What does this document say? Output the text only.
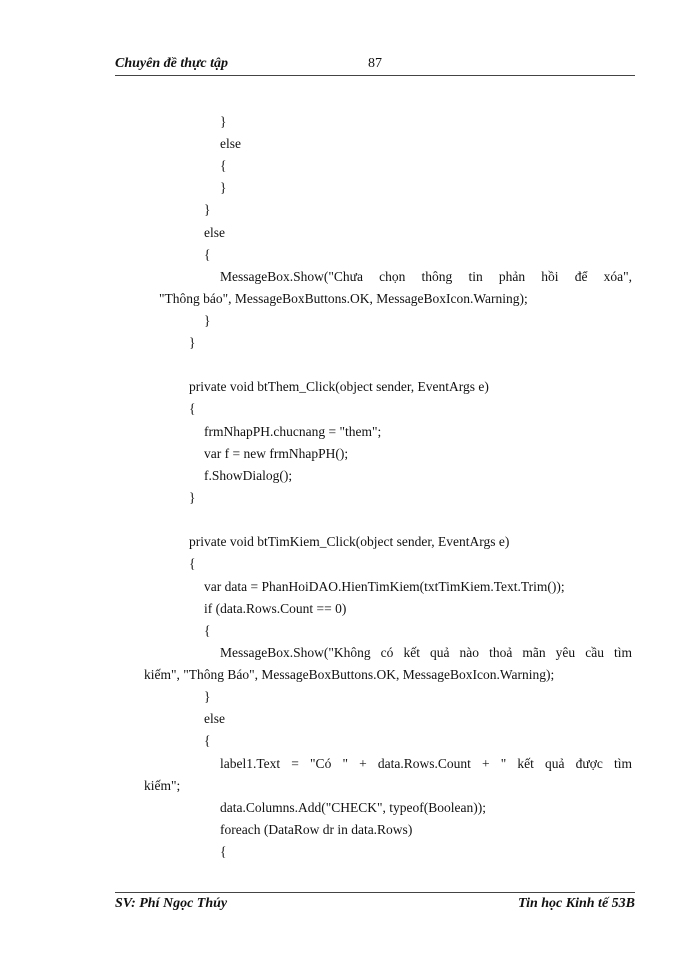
Chuyên đề thực tập	87
}
else
{
}
}
else
{
MessageBox.Show("Chưa chọn thông tin phản hồi để xóa",
"Thông báo", MessageBoxButtons.OK, MessageBoxIcon.Warning);
}
}
private void btThem_Click(object sender, EventArgs e)
{
frmNhapPH.chucnang = "them";
var f = new frmNhapPH();
f.ShowDialog();
}
private void btTimKiem_Click(object sender, EventArgs e)
{
var data = PhanHoiDAO.HienTimKiem(txtTimKiem.Text.Trim());
if (data.Rows.Count == 0)
{
MessageBox.Show("Không có kết quả nào thoả mãn yêu cầu tìm
kiếm", "Thông Báo", MessageBoxButtons.OK, MessageBoxIcon.Warning);
}
else
{
label1.Text = "Có " + data.Rows.Count + " kết quả được tìm
kiếm";
data.Columns.Add("CHECK", typeof(Boolean));
foreach (DataRow dr in data.Rows)
{
SV: Phí Ngọc Thúy	Tin học Kinh tế 53B
